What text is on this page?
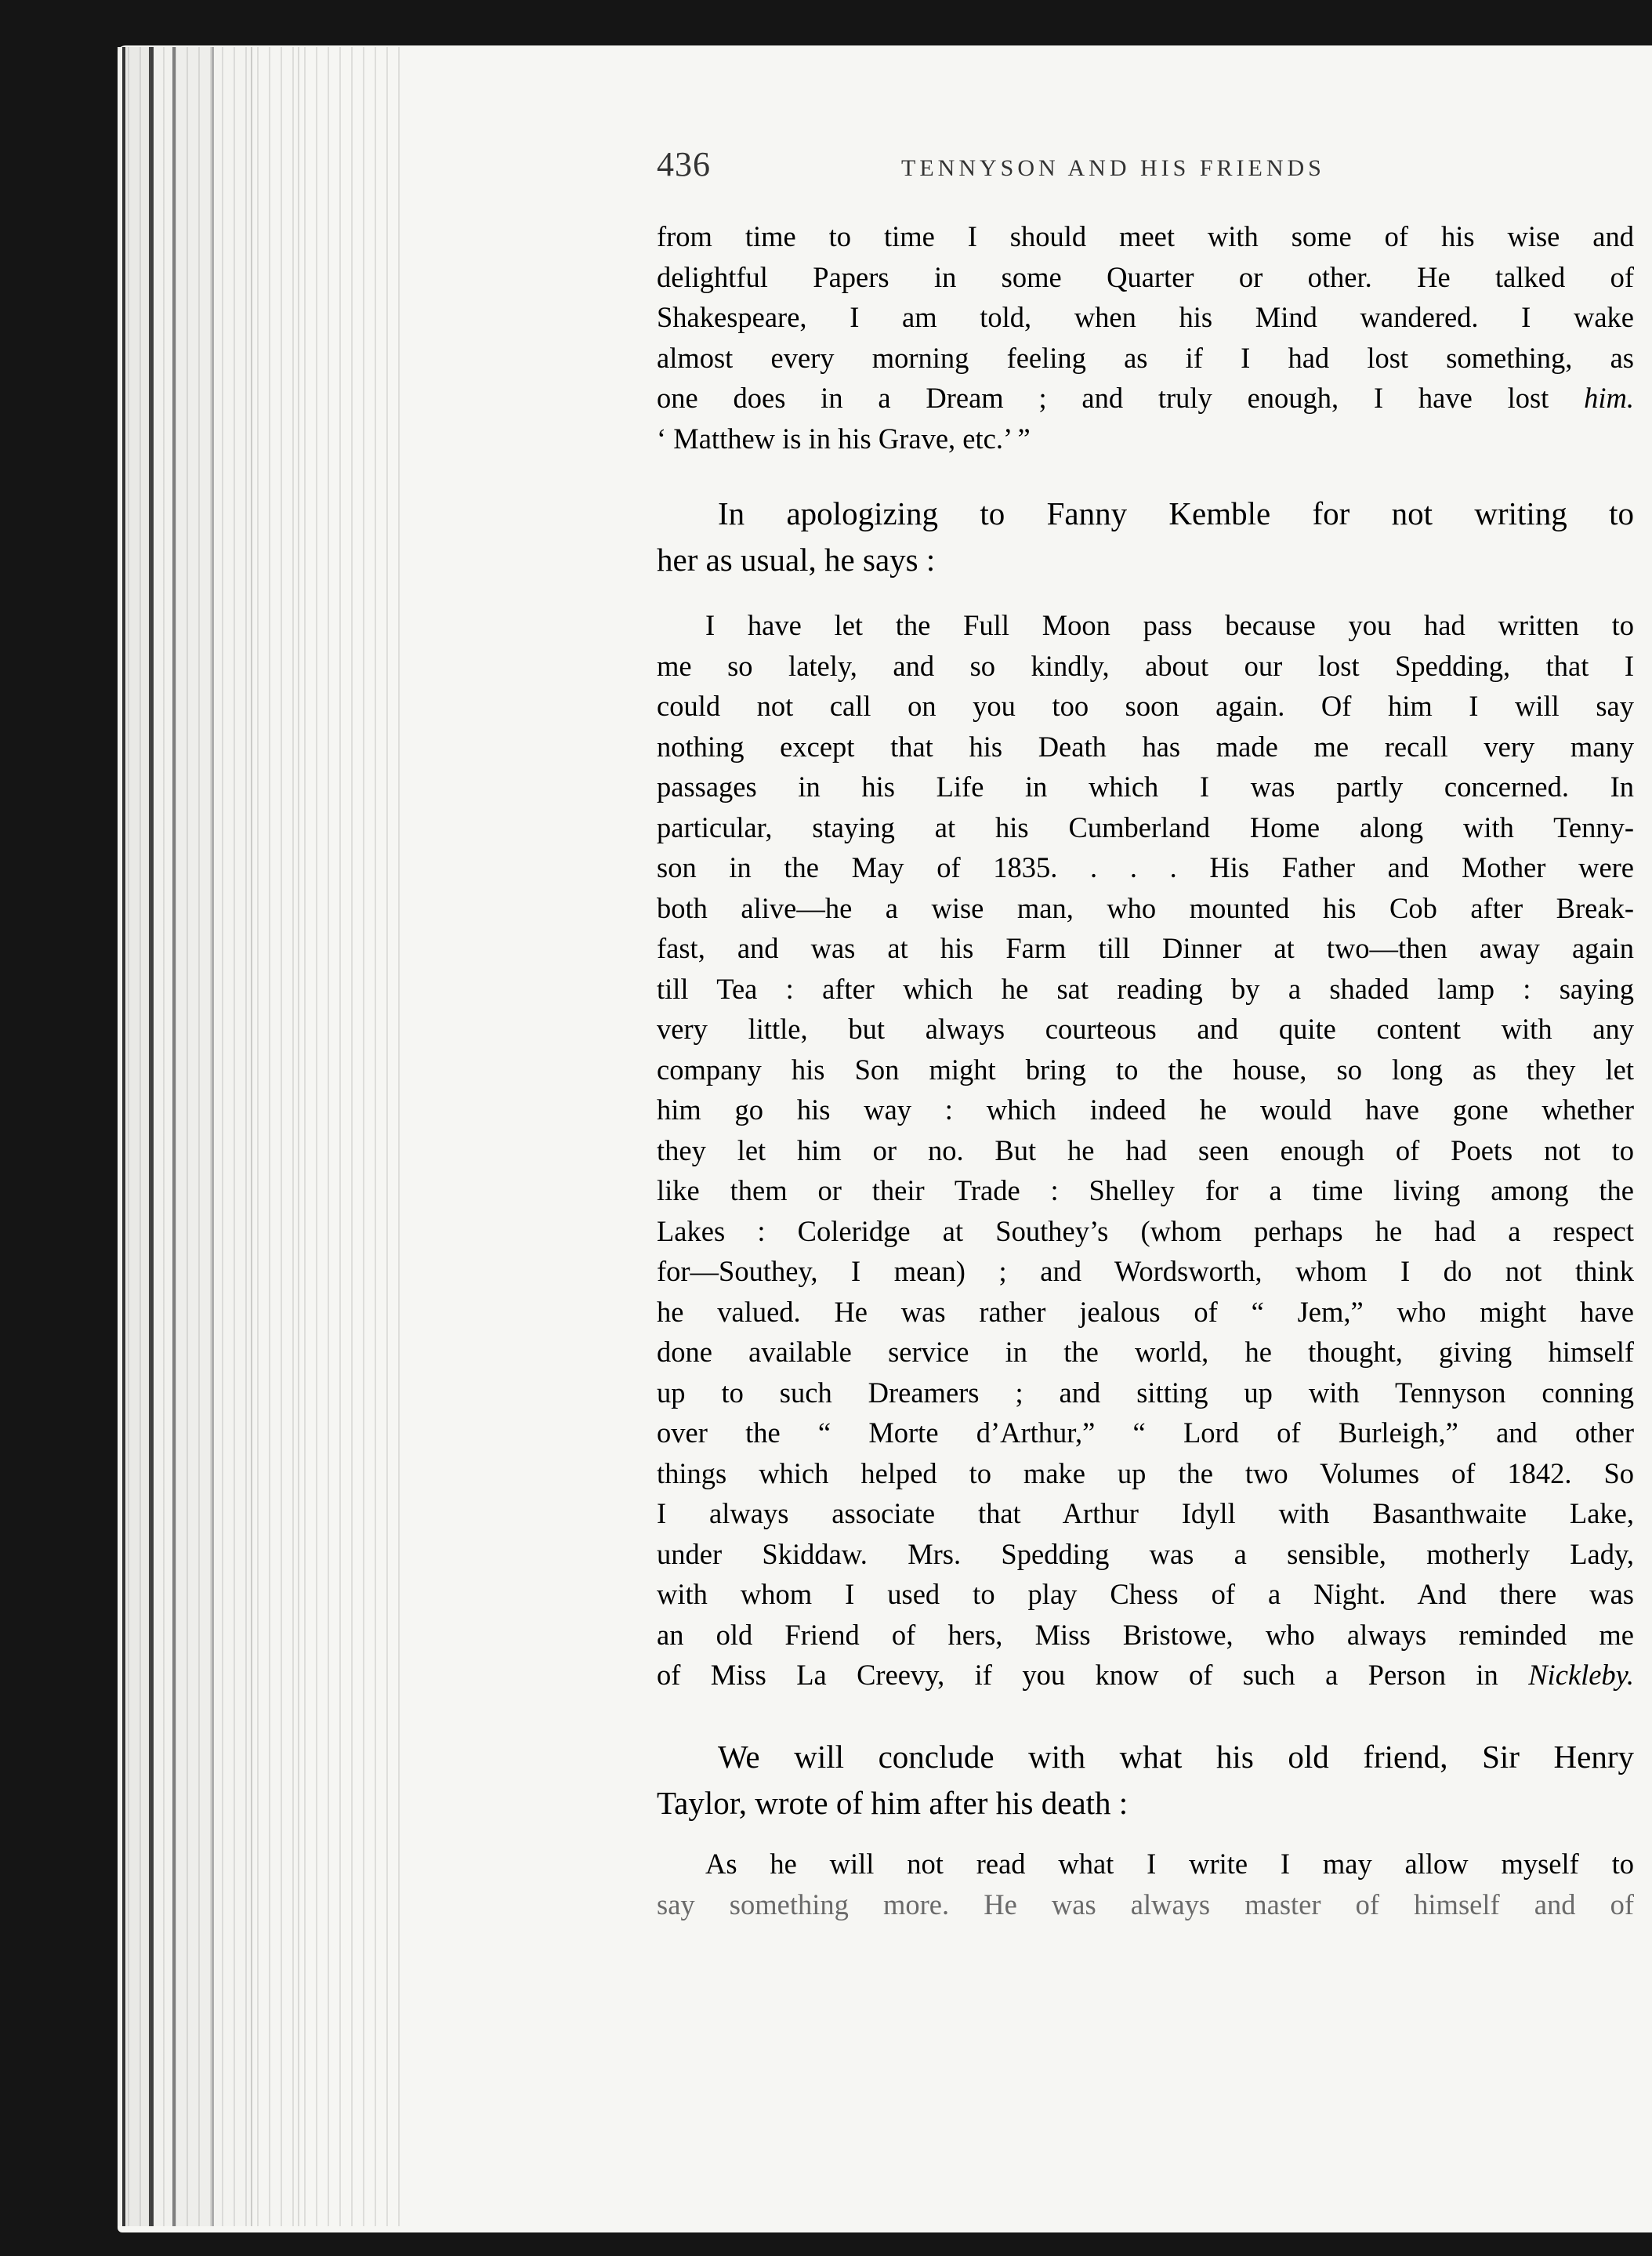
436	TENNYSON AND HIS FRIENDS
from time to time I should meet with some of his wise and
delightful Papers in some Quarter or other. He talked of
Shakespeare, I am told, when his Mind wandered. I wake
almost every morning feeling as if I had lost something, as
one does in a Dream ; and truly enough, I have lost him.
‘ Matthew is in his Grave, etc.’ ”
In apologizing to Fanny Kemble for not writing to
her as usual, he says :
I have let the Full Moon pass because you had written to
me so lately, and so kindly, about our lost Spedding, that I
could not call on you too soon again. Of him I will say
nothing except that his Death has made me recall very many
passages in his Life in which I was partly concerned. In
particular, staying at his Cumberland Home along with Tenny-
son in the May of 1835. . . . His Father and Mother were
both alive—he a wise man, who mounted his Cob after Break-
fast, and was at his Farm till Dinner at two—then away again
till Tea : after which he sat reading by a shaded lamp : saying
very little, but always courteous and quite content with any
company his Son might bring to the house, so long as they let
him go his way : which indeed he would have gone whether
they let him or no. But he had seen enough of Poets not to
like them or their Trade : Shelley for a time living among the
Lakes : Coleridge at Southey’s (whom perhaps he had a respect
for—Southey, I mean) ; and Wordsworth, whom I do not think
he valued. He was rather jealous of “ Jem,” who might have
done available service in the world, he thought, giving himself
up to such Dreamers ; and sitting up with Tennyson conning
over the “ Morte d’Arthur,” “ Lord of Burleigh,” and other
things which helped to make up the two Volumes of 1842. So
I always associate that Arthur Idyll with Basanthwaite Lake,
under Skiddaw. Mrs. Spedding was a sensible, motherly Lady,
with whom I used to play Chess of a Night. And there was
an old Friend of hers, Miss Bristowe, who always reminded me
of Miss La Creevy, if you know of such a Person in Nickleby.
We will conclude with what his old friend, Sir Henry
Taylor, wrote of him after his death :
As he will not read what I write I may allow myself to
say something more. He was always master of himself and of
